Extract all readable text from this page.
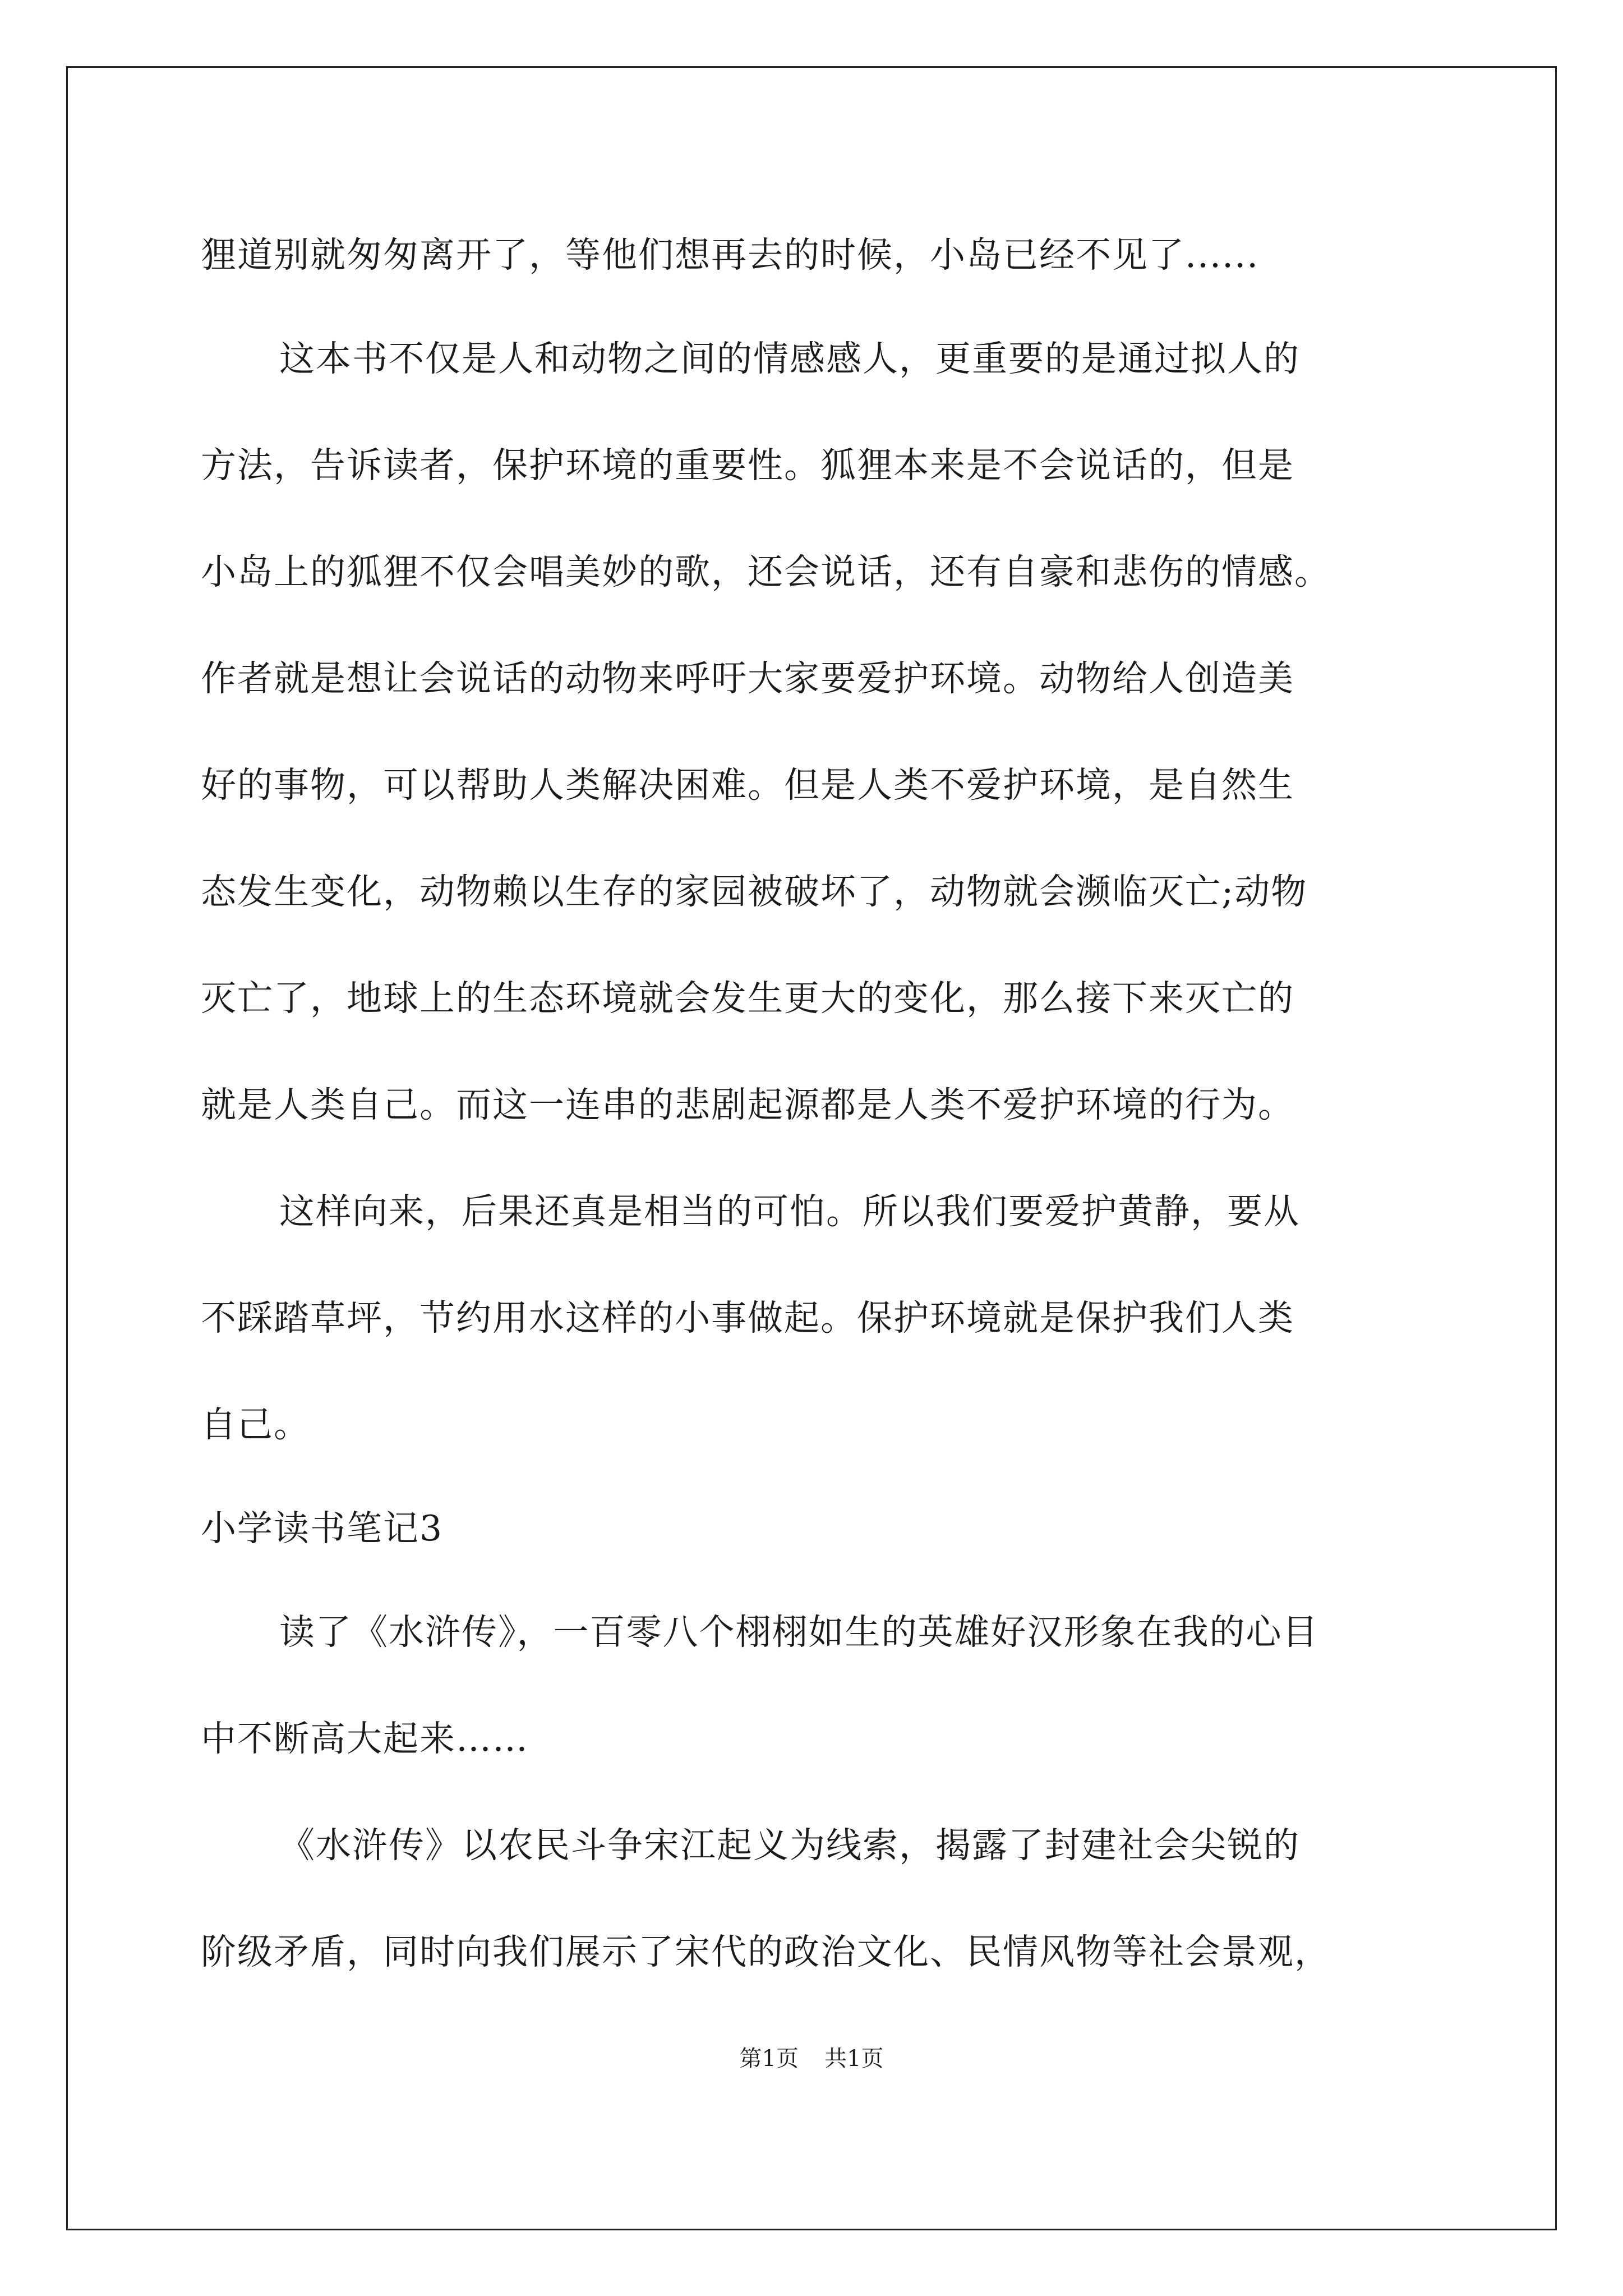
狸道别就匆匆离开了，等他们想再去的时候，小岛已经不见了......
这本书不仅是人和动物之间的情感感人，更重要的是通过拟人的
方法，告诉读者，保护环境的重要性。狐狸本来是不会说话的，但是
小岛上的狐狸不仅会唱美妙的歌，还会说话，还有自豪和悲伤的情感。
作者就是想让会说话的动物来呼吁大家要爱护环境。动物给人创造美
好的事物，可以帮助人类解决困难。但是人类不爱护环境，是自然生
态发生变化，动物赖以生存的家园被破坏了，动物就会濒临灭亡;动物
灭亡了，地球上的生态环境就会发生更大的变化，那么接下来灭亡的
就是人类自己。而这一连串的悲剧起源都是人类不爱护环境的行为。
这样向来，后果还真是相当的可怕。所以我们要爱护黄静，要从
不踩踏草坪，节约用水这样的小事做起。保护环境就是保护我们人类
自己。
小学读书笔记3
读了《水浒传》，一百零八个栩栩如生的英雄好汉形象在我的心目
中不断高大起来……
《水浒传》以农民斗争宋江起义为线索，揭露了封建社会尖锐的
阶级矛盾，同时向我们展示了宋代的政治文化、民情风物等社会景观，
第1页 共1页
